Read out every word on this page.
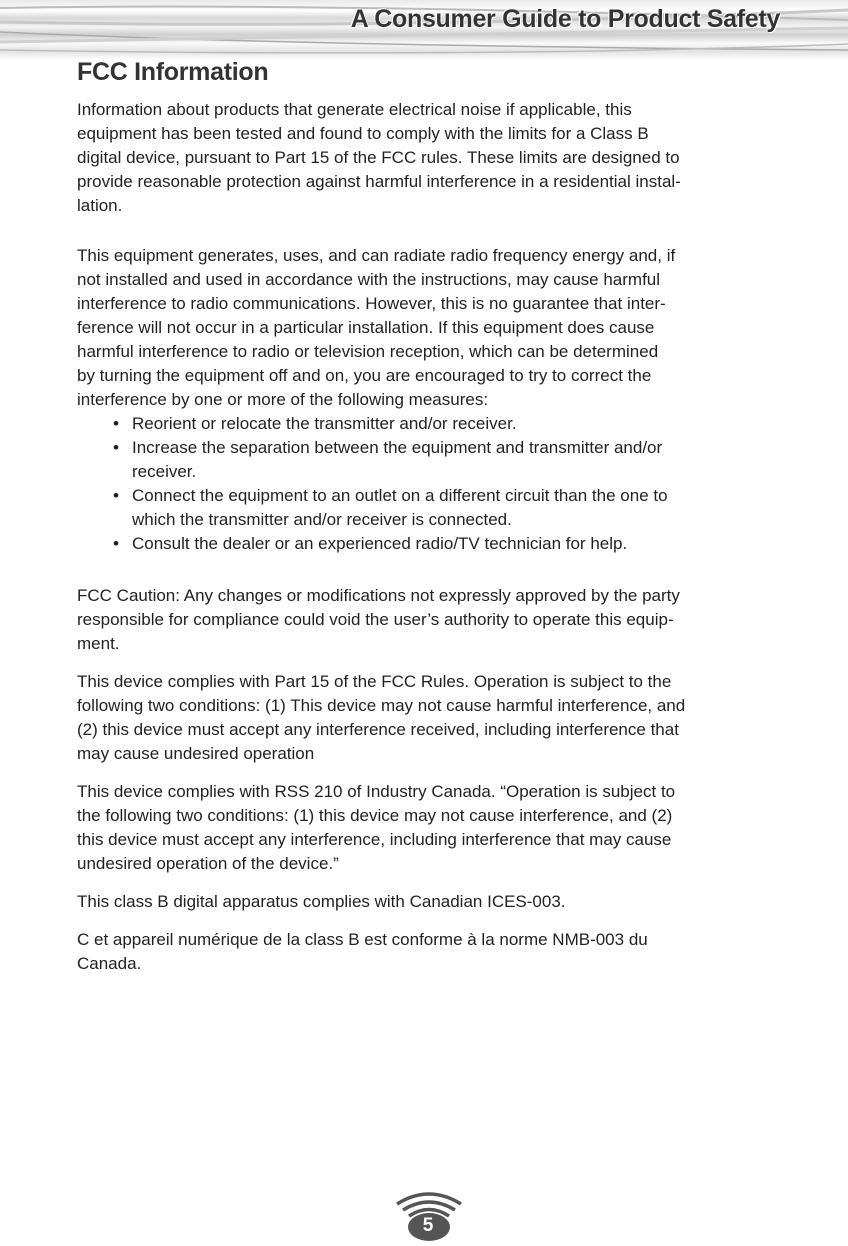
A Consumer Guide to Product Safety
FCC Information

Information about products that generate electrical noise if applicable, this
equipment has been tested and found to comply with the limits for a Class B
digital device, pursuant to Part 15 of the FCC rules. These limits are designed to
provide reasonable protection against harmful interference in a residential instal-
lation.

This equipment generates, uses, and can radiate radio frequency energy and, if
not installed and used in accordance with the instructions, may cause harmful
interference to radio communications. However, this is no guarantee that inter-
ference will not occur in a particular installation. If this equipment does cause
harmful interference to radio or television reception, which can be determined
by turning the equipment off and on, you are encouraged to try to correct the
interference by one or more of the following measures:

• Reorient or relocate the transmitter and/or receiver.
• Increase the separation between the equipment and transmitter and/or
receiver.
• Connect the equipment to an outlet on a different circuit than the one to
which the transmitter and/or receiver is connected.
• Consult the dealer or an experienced radio/TV technician for help.

FCC Caution: Any changes or modifications not expressly approved by the party
responsible for compliance could void the user’s authority to operate this equip-
ment.

This device complies with Part 15 of the FCC Rules. Operation is subject to the
following two conditions: (1) This device may not cause harmful interference, and
(2) this device must accept any interference received, including interference that
may cause undesired operation

This device complies with RSS 210 of Industry Canada. “Operation is subject to
the following two conditions: (1) this device may not cause interference, and (2)
this device must accept any interference, including interference that may cause
undesired operation of the device.”

This class B digital apparatus complies with Canadian ICES-003.

C et appareil numérique de la class B est conforme à la norme NMB-003 du
Canada.

5
